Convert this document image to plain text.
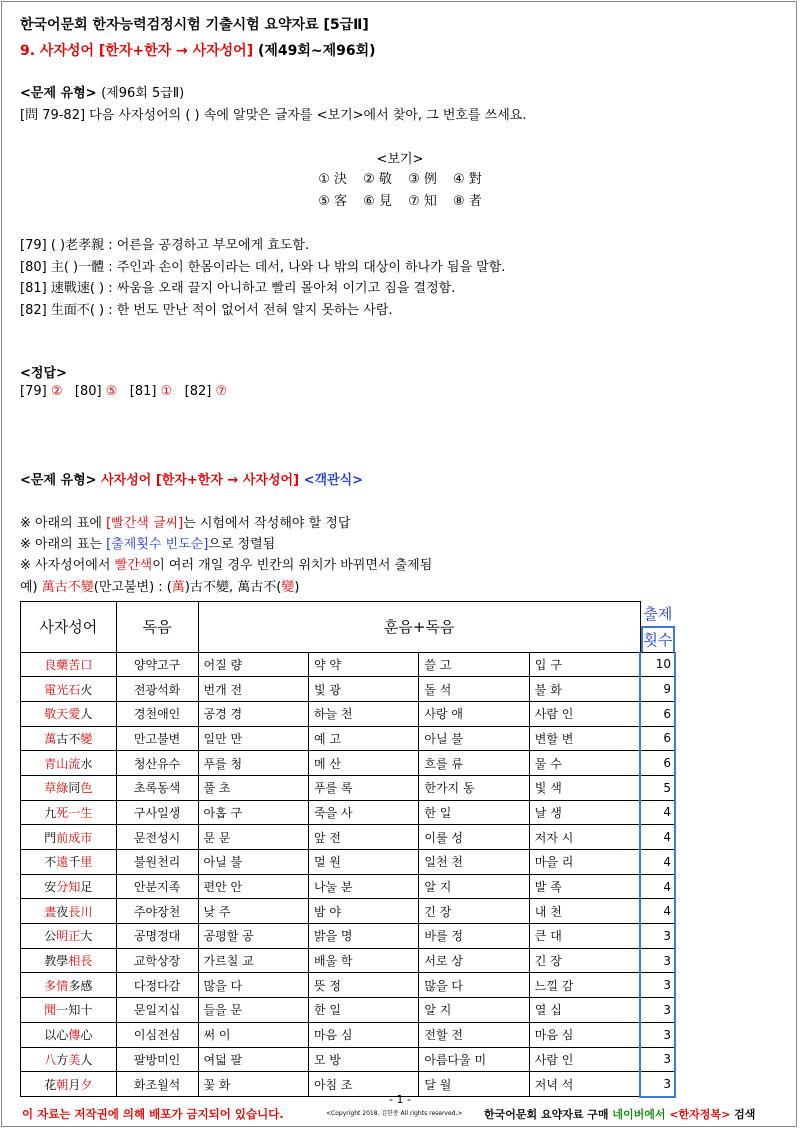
한국어문회 한자능력검정시험 기출시험 요약자료 [5급Ⅱ]
9. 사자성어 [한자+한자 → 사자성어] (제49회~제96회)
<문제 유형> (제96회 5급Ⅱ)
[問 79-82] 다음 사자성어의 ( ) 속에 알맞은 글자를 <보기>에서 찾아, 그 번호를 쓰세요.
<보기>
① 決 ② 敬 ③ 例 ④ 對
⑤ 客 ⑥ 見 ⑦ 知 ⑧ 者
[79] ( )老孝親 : 어른을 공경하고 부모에게 효도함.
[80] 主( )一體 : 주인과 손이 한몸이라는 데서, 나와 나 밖의 대상이 하나가 됨을 말함.
[81] 速戰速( ) : 싸움을 오래 끌지 아니하고 빨리 몰아쳐 이기고 짐을 결정함.
[82] 生面不( ) : 한 번도 만난 적이 없어서 전혀 알지 못하는 사람.
<정답>
[79] ② [80] ⑤ [81] ① [82] ⑦
<문제 유형> 사자성어 [한자+한자 → 사자성어] <객관식>
※ 아래의 표에 [빨간색 글씨]는 시험에서 작성해야 할 정답
※ 아래의 표는 [출제횟수 빈도순]으로 정렬됨
※ 사자성어에서 빨간색이 여러 개일 경우 빈칸의 위치가 바뀌면서 출제됨
예) 萬古不變(만고불변) : (萬)古不變, 萬古不(變)
사자성어	독음	훈음+독음				출제
횟수

良藥苦口	양약고구	어질 량	약 약	쓸 고	입 구	10
電光石火	전광석화	번개 전	빛 광	돌 석	불 화	9
敬天愛人	경천애인	공경 경	하늘 천	사랑 애	사람 인	6
萬古不變	만고불변	일만 만	예 고	아닐 불	변할 변	6
青山流水	청산유수	푸를 청	메 산	흐를 류	물 수	6
草綠同色	초록동색	풀 초	푸를 록	한가지 동	빛 색	5
九死一生	구사일생	아홉 구	죽을 사	한 일	날 생	4
門前成市	문전성시	문 문	앞 전	이룰 성	저자 시	4
不遠千里	불원천리	아닐 불	멀 원	일천 천	마을 리	4
安分知足	안분지족	편안 안	나눌 분	알 지	발 족	4
晝夜長川	주야장천	낮 주	밤 야	긴 장	내 천	4
公明正大	공명정대	공평할 공	밝을 명	바를 정	큰 대	3
教學相長	교학상장	가르칠 교	배울 학	서로 상	긴 장	3
多情多感	다정다감	많을 다	뜻 정	많을 다	느낄 감	3
聞一知十	문일지십	들을 문	한 일	알 지	열 십	3
以心傳心	이심전심	써 이	마음 심	전할 전	마음 심	3
八方美人	팔방미인	여덟 팔	모 방	아름다울 미	사람 인	3
花朝月夕	화조월석	꽃 화	아침 조	달 월	저녁 석	3
- 1 -
이 자료는 저작권에 의해 배포가 금지되어 있습니다.	<Copyright 2018. 김한종 All rights reserved.> 한국어문회 요약자료 구매 네이버에서 <한자정복> 검색
